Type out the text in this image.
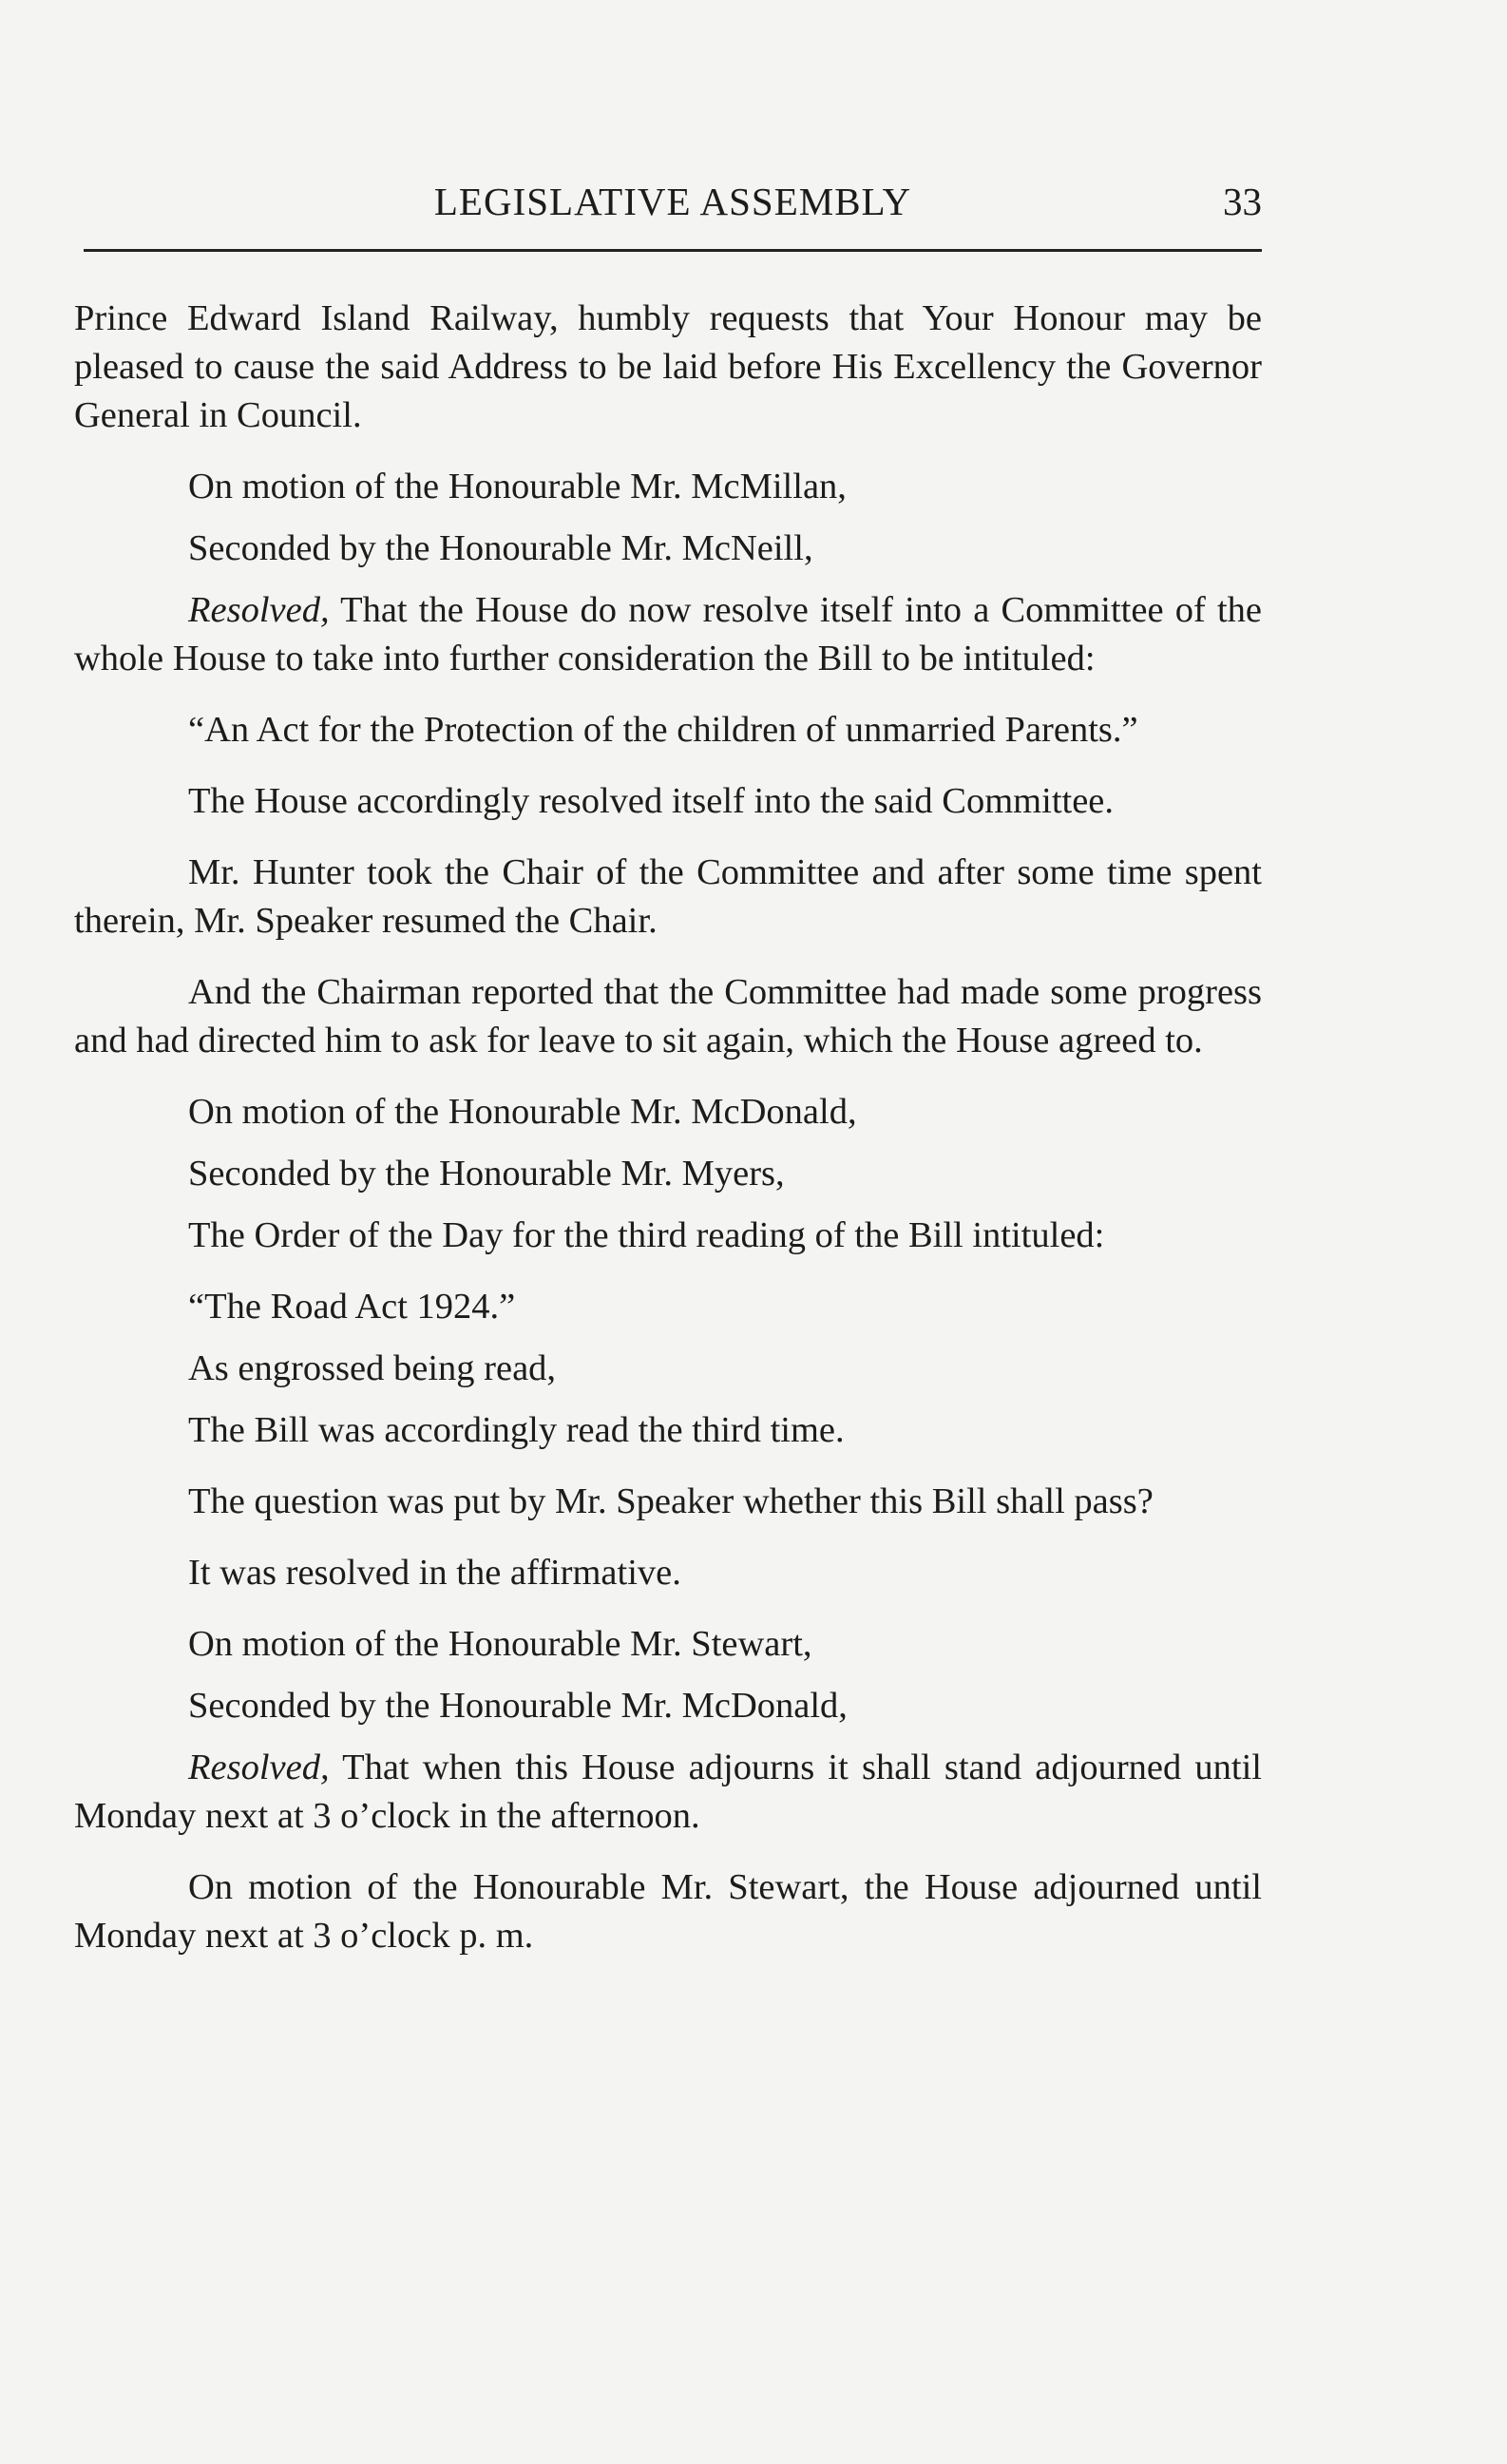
LEGISLATIVE ASSEMBLY	33

Prince Edward Island Railway, humbly requests that Your Honour may be pleased to cause the said Address to be laid before His Excellency the Governor General in Council.

On motion of the Honourable Mr. McMillan,

Seconded by the Honourable Mr. McNeill,

Resolved, That the House do now resolve itself into a Committee of the whole House to take into further consideration the Bill to be intituled:

“An Act for the Protection of the children of unmarried Parents.”

The House accordingly resolved itself into the said Committee.

Mr. Hunter took the Chair of the Committee and after some time spent therein, Mr. Speaker resumed the Chair.

And the Chairman reported that the Committee had made some progress and had directed him to ask for leave to sit again, which the House agreed to.

On motion of the Honourable Mr. McDonald,

Seconded by the Honourable Mr. Myers,

The Order of the Day for the third reading of the Bill intituled:

“The Road Act 1924.”

As engrossed being read,

The Bill was accordingly read the third time.

The question was put by Mr. Speaker whether this Bill shall pass?

It was resolved in the affirmative.

On motion of the Honourable Mr. Stewart,

Seconded by the Honourable Mr. McDonald,

Resolved, That when this House adjourns it shall stand adjourned until Monday next at 3 o’clock in the afternoon.

On motion of the Honourable Mr. Stewart, the House adjourned until Monday next at 3 o’clock p. m.
